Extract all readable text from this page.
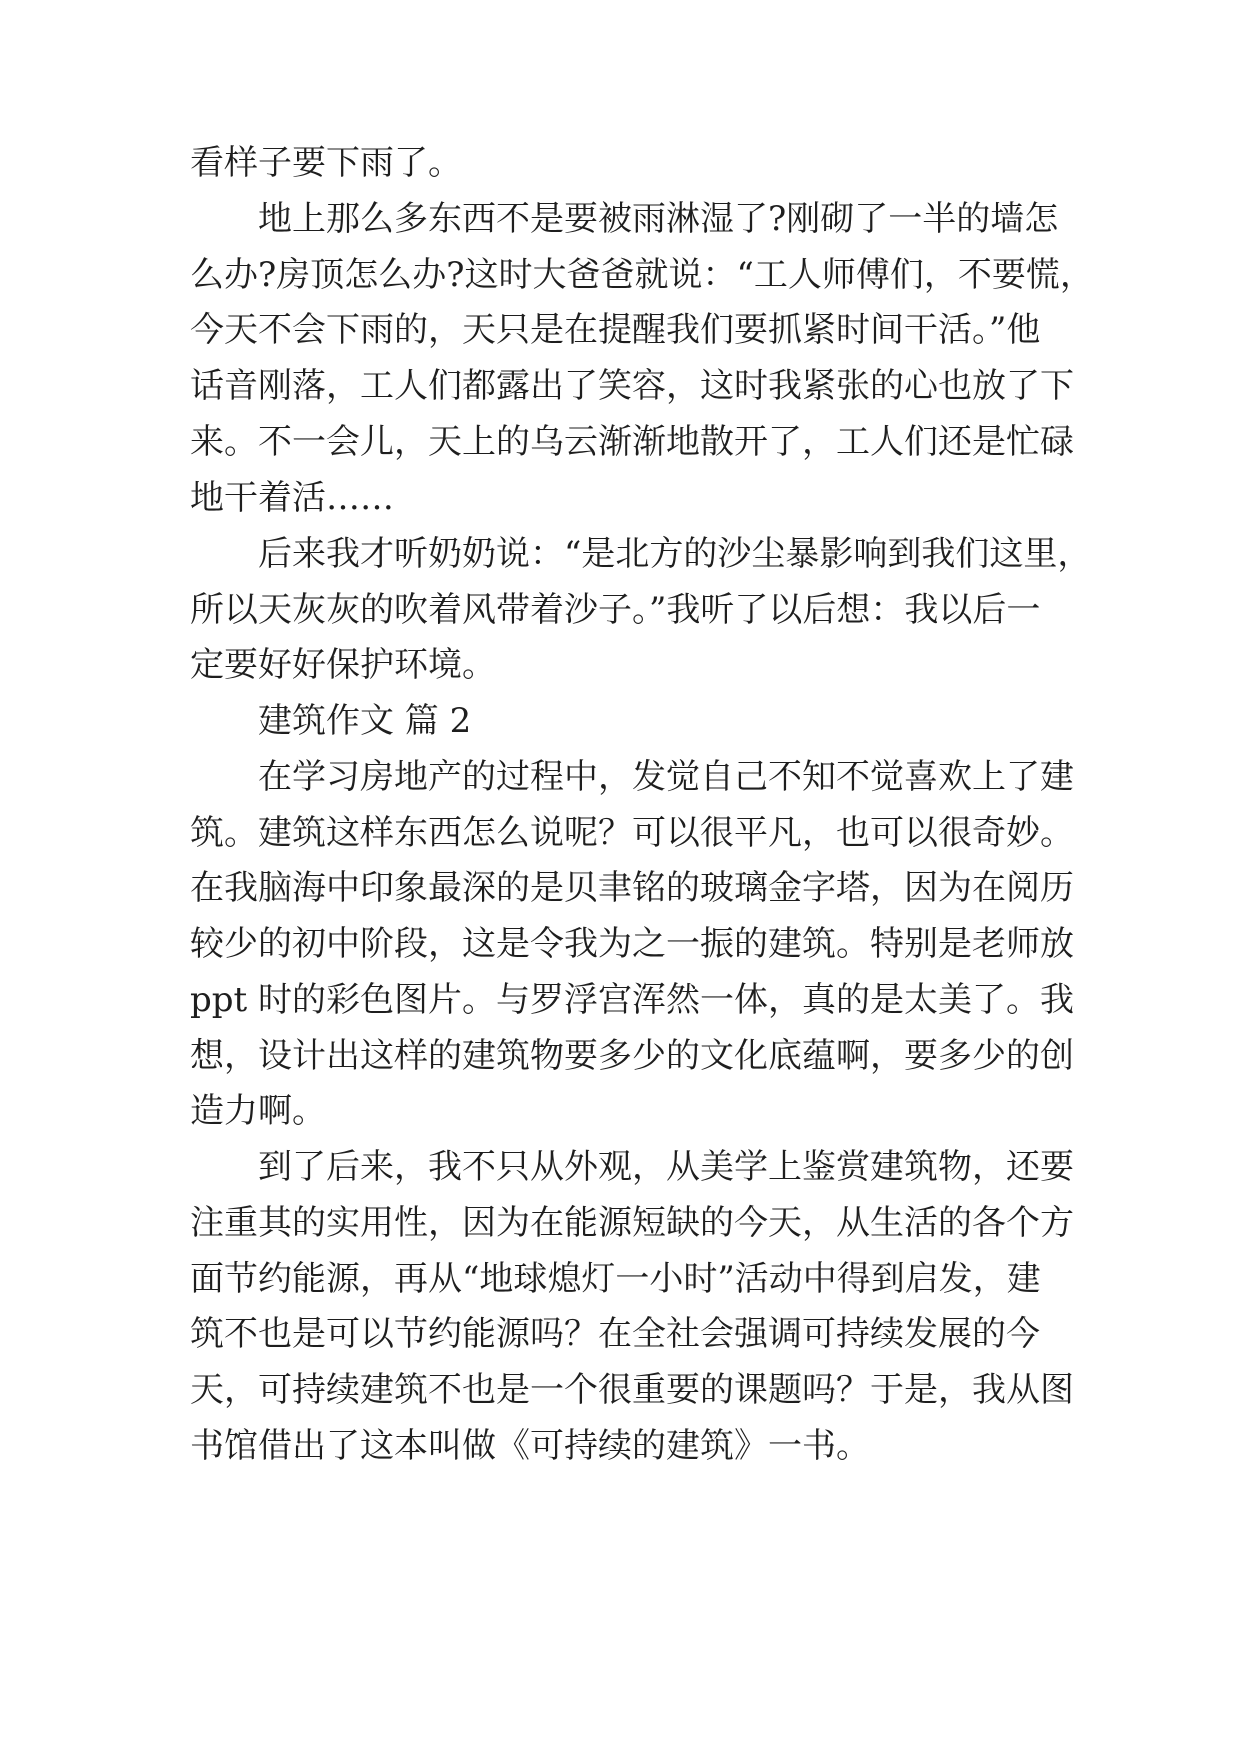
看样子要下雨了。

地上那么多东西不是要被雨淋湿了?刚砌了一半的墙怎

么办?房顶怎么办?这时大爸爸就说：“工人师傅们，不要慌，

今天不会下雨的，天只是在提醒我们要抓紧时间干活。”他

话音刚落，工人们都露出了笑容，这时我紧张的心也放了下

来。不一会儿，天上的乌云渐渐地散开了，工人们还是忙碌

地干着活……

后来我才听奶奶说：“是北方的沙尘暴影响到我们这里，

所以天灰灰的吹着风带着沙子。”我听了以后想：我以后一

定要好好保护环境。

建筑作文 篇 2

在学习房地产的过程中，发觉自己不知不觉喜欢上了建

筑。建筑这样东西怎么说呢？可以很平凡，也可以很奇妙。

在我脑海中印象最深的是贝聿铭的玻璃金字塔，因为在阅历

较少的初中阶段，这是令我为之一振的建筑。特别是老师放

ppt 时的彩色图片。与罗浮宫浑然一体，真的是太美了。我

想，设计出这样的建筑物要多少的文化底蕴啊，要多少的创

造力啊。

到了后来，我不只从外观，从美学上鉴赏建筑物，还要

注重其的实用性，因为在能源短缺的今天，从生活的各个方

面节约能源，再从“地球熄灯一小时”活动中得到启发，建

筑不也是可以节约能源吗？在全社会强调可持续发展的今

天，可持续建筑不也是一个很重要的课题吗？于是，我从图

书馆借出了这本叫做《可持续的建筑》一书。
